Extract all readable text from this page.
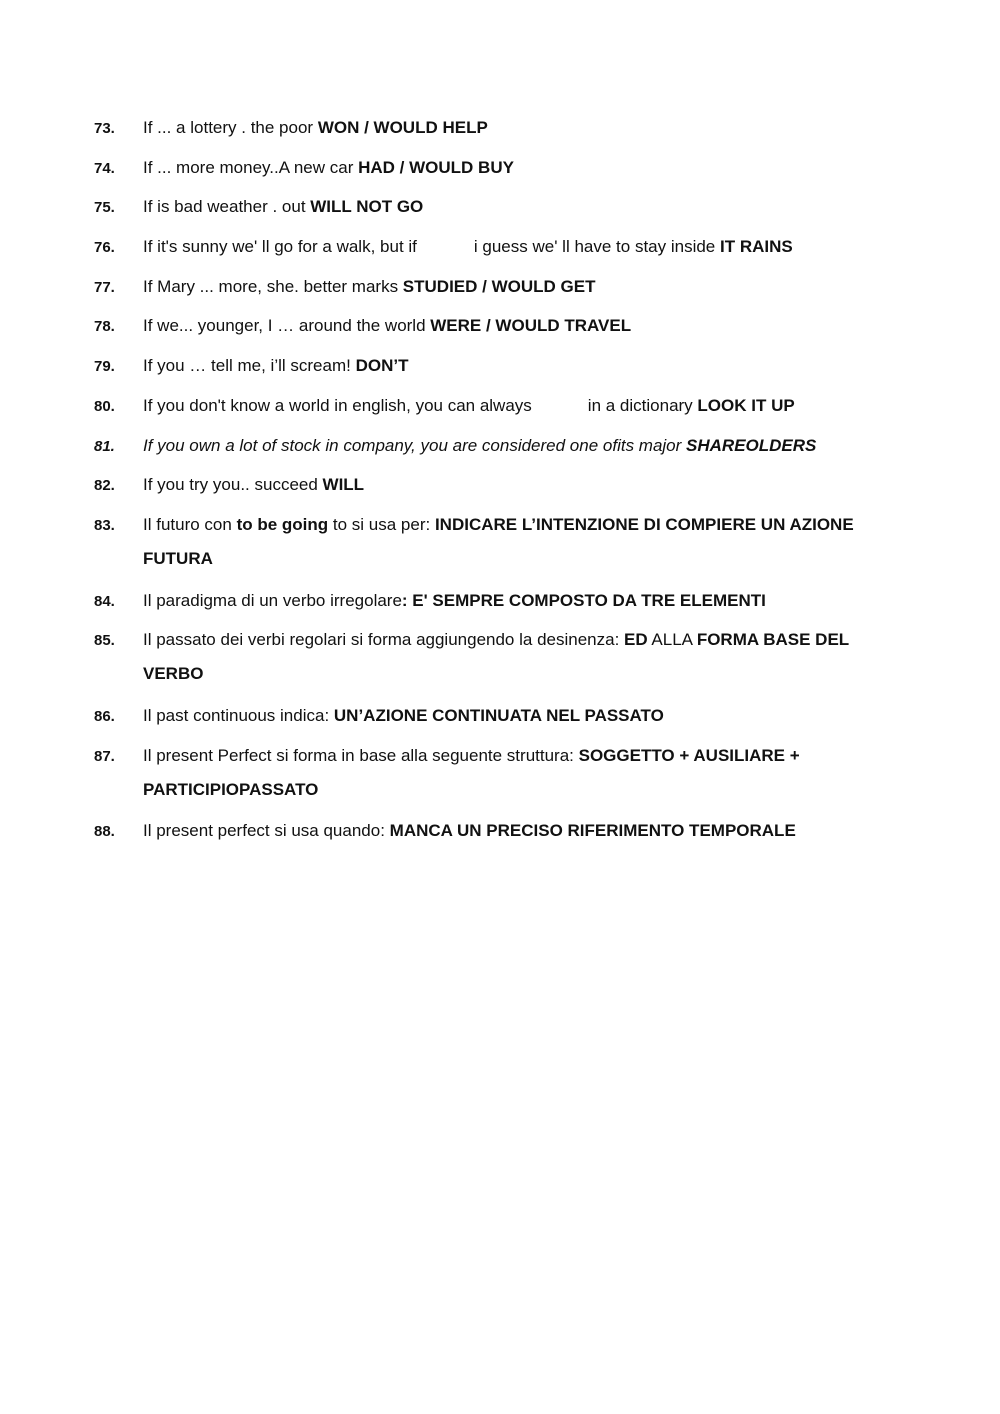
73.	If ... a lottery . the poor WON / WOULD HELP
74.	If ... more money..A new car HAD / WOULD BUY
75.	If is bad weather . out WILL NOT GO
76.	If it's sunny we' ll go for a walk, but if	i guess we' ll have to stay inside IT RAINS
77.	If Mary ... more, she. better marks STUDIED / WOULD GET
78.	If we... younger, I … around the world WERE / WOULD TRAVEL
79.	If you … tell me, i’ll scream! DON’T
80.	If you don't know a world in english, you can always	in a dictionary LOOK IT UP
81.	If you own a lot of stock in company, you are considered one ofits major SHAREOLDERS
82.	If you try you.. succeed WILL
83.	Il futuro con to be going to si usa per: INDICARE L’INTENZIONE DI COMPIERE UN AZIONE
FUTURA
84.	Il paradigma di un verbo irregolare: E' SEMPRE COMPOSTO DA TRE ELEMENTI
85.	Il passato dei verbi regolari si forma aggiungendo la desinenza: ED ALLA FORMA BASE DEL
VERBO
86.	Il past continuous indica: UN’AZIONE CONTINUATA NEL PASSATO
87.	Il present Perfect si forma in base alla seguente struttura: SOGGETTO + AUSILIARE +
PARTICIPIOPASSATO
88.	Il present perfect si usa quando: MANCA UN PRECISO RIFERIMENTO TEMPORALE
